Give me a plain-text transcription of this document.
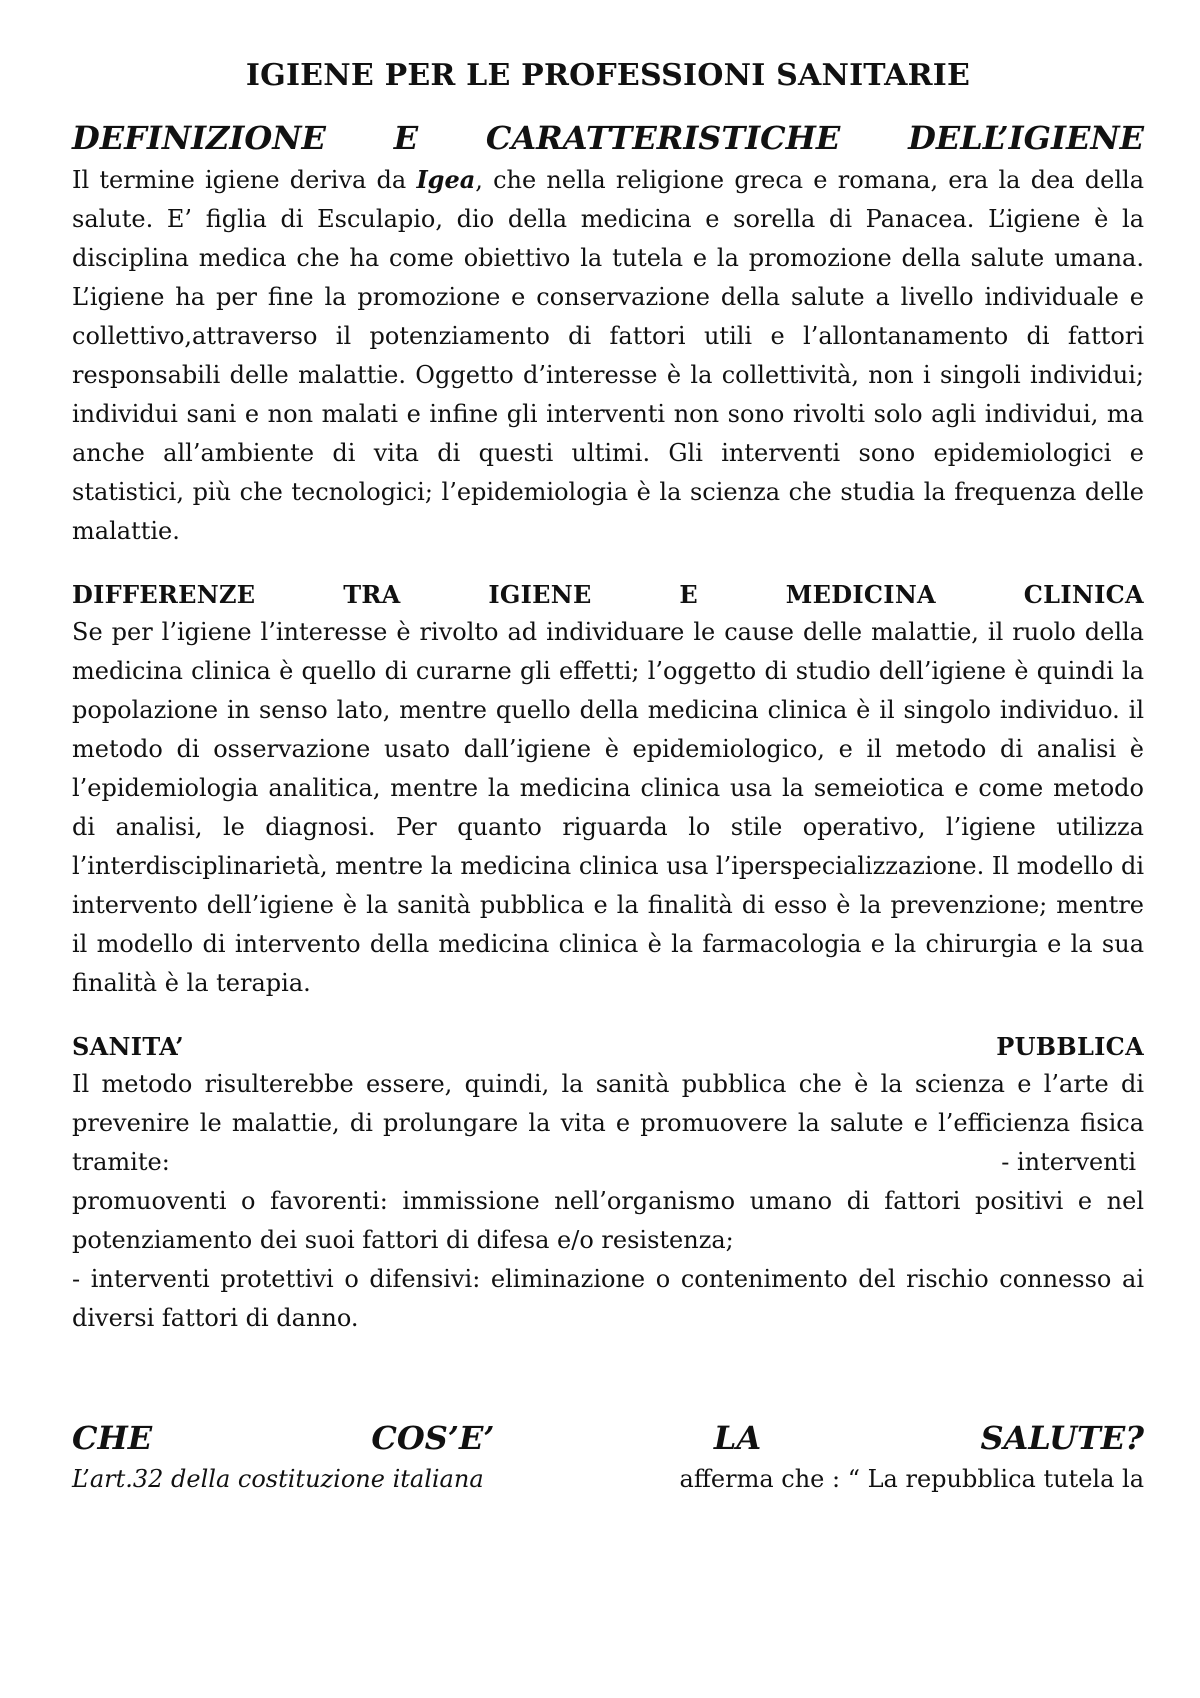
IGIENE PER LE PROFESSIONI SANITARIE
DEFINIZIONE E CARATTERISTICHE DELL’IGIENE

Il termine igiene deriva da Igea, che nella religione greca e romana, era la dea della salute. E’ figlia di Esculapio, dio della medicina e sorella di Panacea. L’igiene è la disciplina medica che ha come obiettivo la tutela e la promozione della salute umana. L’igiene ha per fine la promozione e conservazione della salute a livello individuale e collettivo,attraverso il potenziamento di fattori utili e l’allontanamento di fattori responsabili delle malattie. Oggetto d’interesse è la collettività, non i singoli individui; individui sani e non malati e infine gli interventi non sono rivolti solo agli individui, ma anche all’ambiente di vita di questi ultimi. Gli interventi sono epidemiologici e statistici, più che tecnologici; l’epidemiologia è la scienza che studia la frequenza delle malattie.

DIFFERENZE	TRA	IGIENE	E	MEDICINA	CLINICA

Se per l’igiene l’interesse è rivolto ad individuare le cause delle malattie, il ruolo della medicina clinica è quello di curarne gli effetti; l’oggetto di studio dell’igiene è quindi la popolazione in senso lato, mentre quello della medicina clinica è il singolo individuo. il metodo di osservazione usato dall’igiene è epidemiologico, e il metodo di analisi è l’epidemiologia analitica, mentre la medicina clinica usa la semeiotica e come metodo di analisi, le diagnosi. Per quanto riguarda lo stile operativo, l’igiene utilizza l’interdisciplinarietà, mentre la medicina clinica usa l’iperspecializzazione. Il modello di intervento dell’igiene è la sanità pubblica e la finalità di esso è la prevenzione; mentre il modello di intervento della medicina clinica è la farmacologia e la chirurgia e la sua finalità è la terapia.

SANITA’	PUBBLICA

Il metodo risulterebbe essere, quindi, la sanità pubblica che è la scienza e l’arte di prevenire le malattie, di prolungare la vita e promuovere la salute e l’efficienza fisica tramite:	- interventi

promuoventi o favorenti: immissione nell’organismo umano di fattori positivi e nel potenziamento dei suoi fattori di difesa e/o resistenza;

- interventi protettivi o difensivi: eliminazione o contenimento del rischio connesso ai diversi fattori di danno.

CHE	COS’E’	LA	SALUTE?

L’art.32 della costituzione italiana	afferma che : “ La repubblica tutela la
